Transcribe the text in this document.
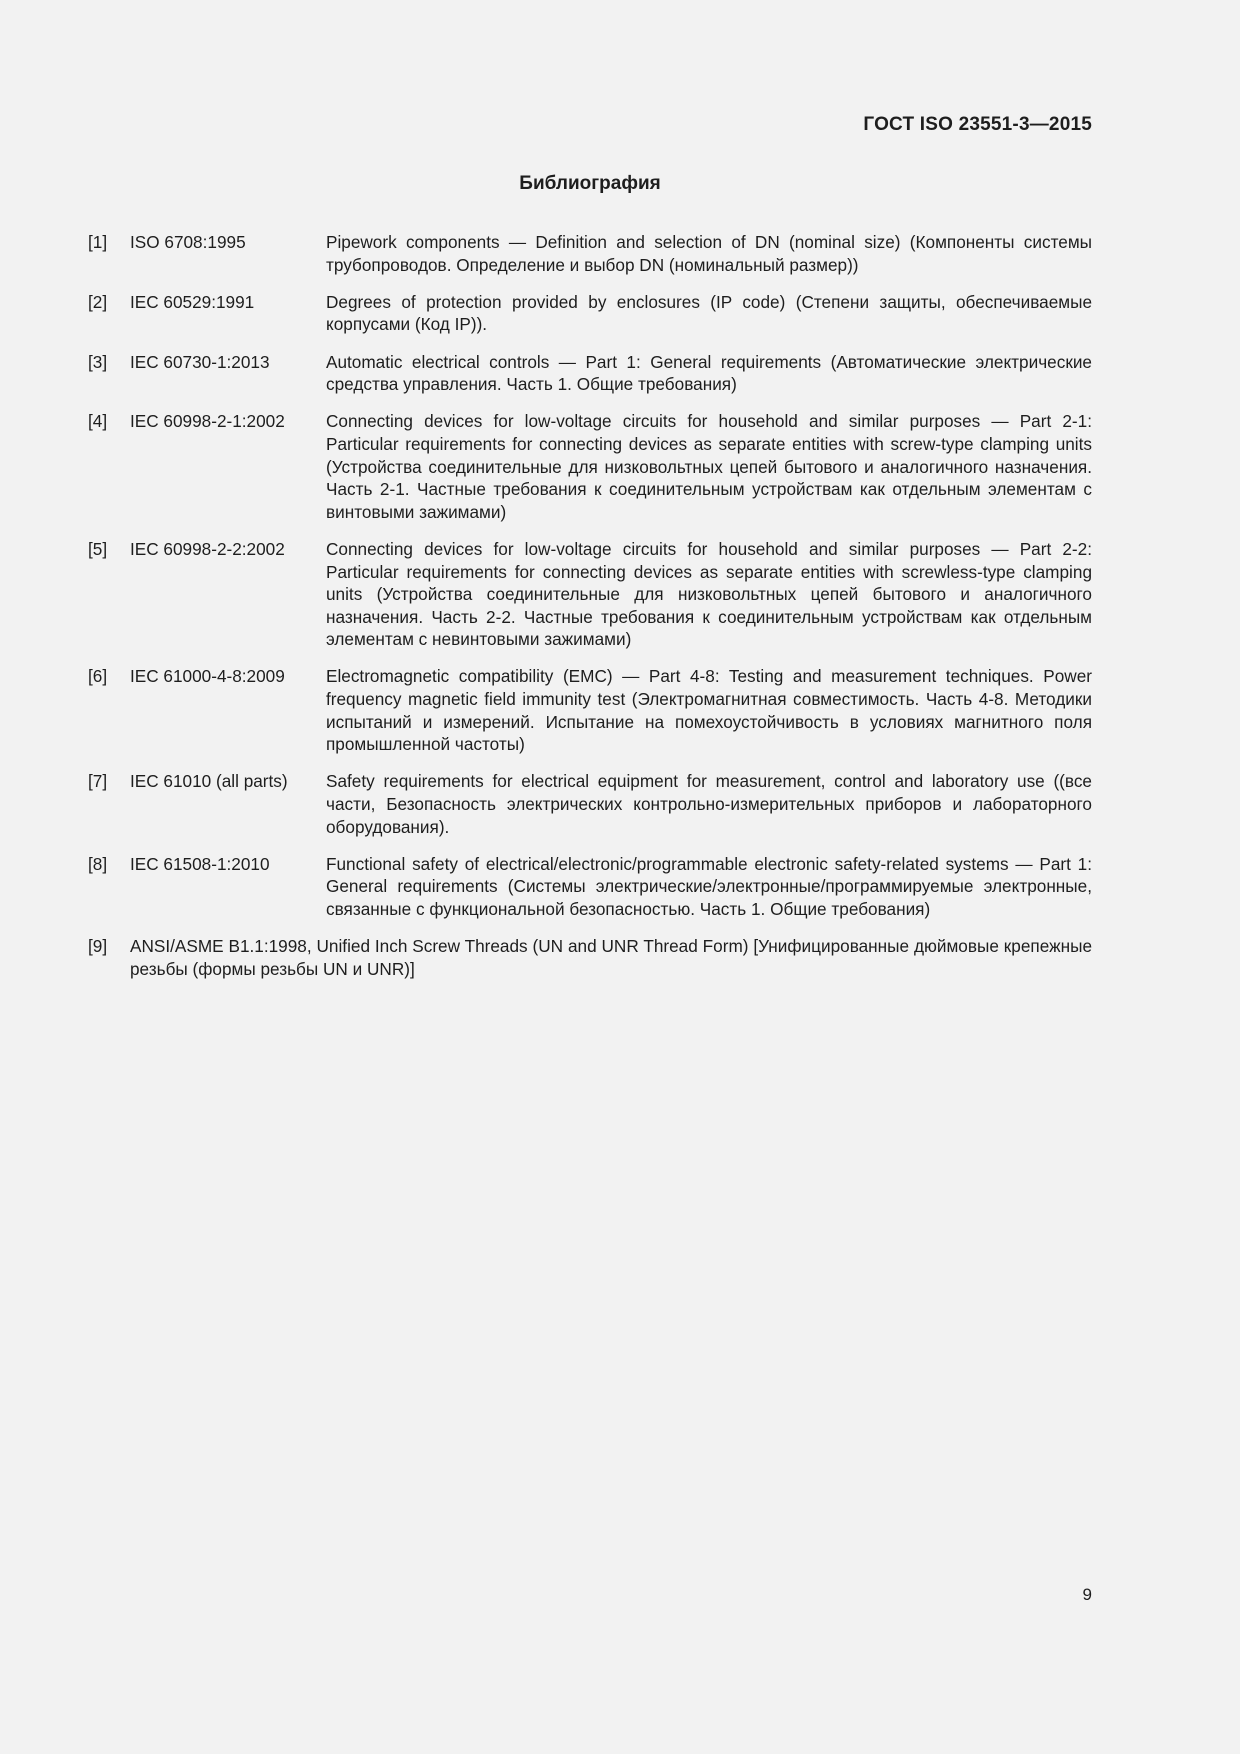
ГОСТ ISO 23551-3—2015
Библиография
[1]	ISO 6708:1995	Pipework components — Definition and selection of DN (nominal size) (Компоненты системы трубопроводов. Определение и выбор DN (номинальный размер))
[2]	IEC 60529:1991	Degrees of protection provided by enclosures (IP code) (Степени защиты, обеспечиваемые корпусами (Код IP)).
[3]	IEC 60730-1:2013	Automatic electrical controls — Part 1: General requirements (Автоматические электрические средства управления. Часть 1. Общие требования)
[4]	IEC 60998-2-1:2002	Connecting devices for low-voltage circuits for household and similar purposes — Part 2-1: Particular requirements for connecting devices as separate entities with screw-type clamping units (Устройства соединительные для низковольтных цепей бытового и аналогичного назначения. Часть 2-1. Частные требования к соединительным устройствам как отдельным элементам с винтовыми зажимами)
[5]	IEC 60998-2-2:2002	Connecting devices for low-voltage circuits for household and similar purposes — Part 2-2: Particular requirements for connecting devices as separate entities with screwless-type clamping units (Устройства соединительные для низковольтных цепей бытового и аналогичного назначения. Часть 2-2. Частные требования к соединительным устройствам как отдельным элементам с невинтовыми зажимами)
[6]	IEC 61000-4-8:2009	Electromagnetic compatibility (EMC) — Part 4-8: Testing and measurement techniques. Power frequency magnetic field immunity test (Электромагнитная совместимость. Часть 4-8. Методики испытаний и измерений. Испытание на помехоустойчивость в условиях магнитного поля промышленной частоты)
[7]	IEC 61010 (all parts)	Safety requirements for electrical equipment for measurement, control and laboratory use ((все части, Безопасность электрических контрольно-измерительных приборов и лабораторного оборудования).
[8]	IEC 61508-1:2010	Functional safety of electrical/electronic/programmable electronic safety-related systems — Part 1: General requirements (Системы электрические/электронные/программируемые электронные, связанные с функциональной безопасностью. Часть 1. Общие требования)
[9]	ANSI/ASME B1.1:1998, Unified Inch Screw Threads (UN and UNR Thread Form) [Унифицированные дюймовые крепежные резьбы (формы резьбы UN и UNR)]
9
